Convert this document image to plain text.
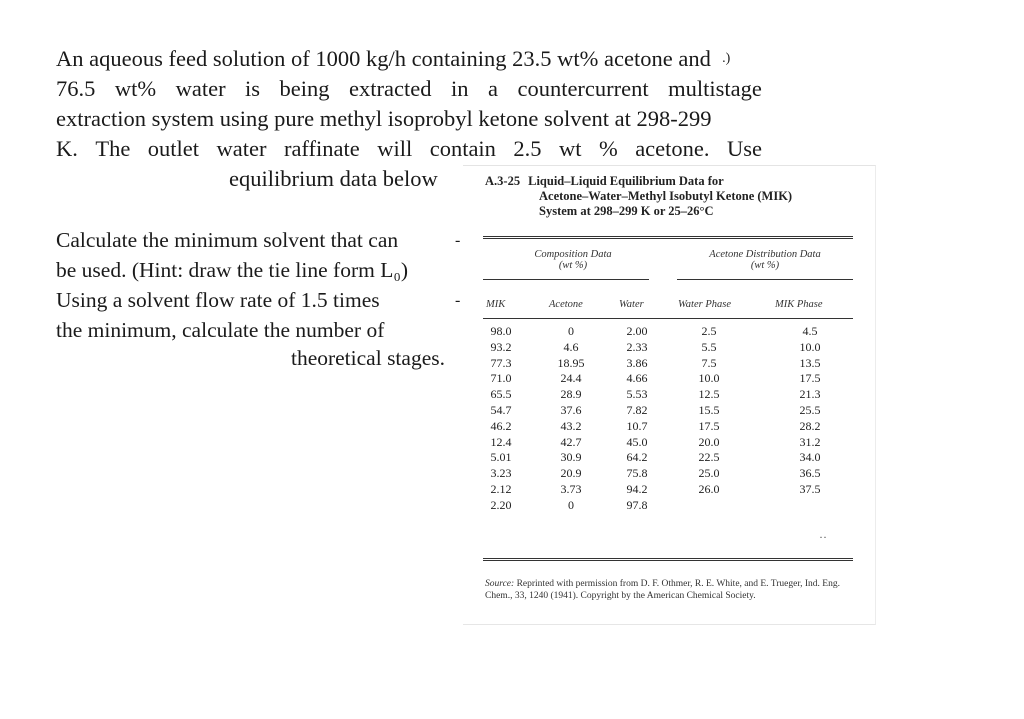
An aqueous feed solution of 1000 kg/h containing 23.5 wt% acetone and .)
76.5 wt% water is being extracted in a countercurrent multistage
extraction system using pure methyl isoprobyl ketone solvent at 298-299
K. The outlet water raffinate will contain 2.5 wt % acetone. Use
equilibrium data below
Calculate the minimum solvent that can
be used. (Hint: draw the tie line form L₀)
Using a solvent flow rate of 1.5 times
the minimum, calculate the number of
theoretical stages.
-
-
A.3-25 Liquid–Liquid Equilibrium Data for
Acetone–Water–Methyl Isobutyl Ketone (MIK)
System at 298–299 K or 25–26°C
Composition Data
(wt %)
Acetone Distribution Data
(wt %)
MIK	Acetone	Water	Water Phase	MIK Phase
98.0	0	2.00	2.5	4.5
93.2	4.6	2.33	5.5	10.0
77.3	18.95	3.86	7.5	13.5
71.0	24.4	4.66	10.0	17.5
65.5	28.9	5.53	12.5	21.3
54.7	37.6	7.82	15.5	25.5
46.2	43.2	10.7	17.5	28.2
12.4	42.7	45.0	20.0	31.2
5.01	30.9	64.2	22.5	34.0
3.23	20.9	75.8	25.0	36.5
2.12	3.73	94.2	26.0	37.5
2.20	0	97.8
··
Source: Reprinted with permission from D. F. Othmer, R. E. White, and E. Trueger, Ind. Eng. Chem., 33, 1240 (1941). Copyright by the American Chemical Society.
